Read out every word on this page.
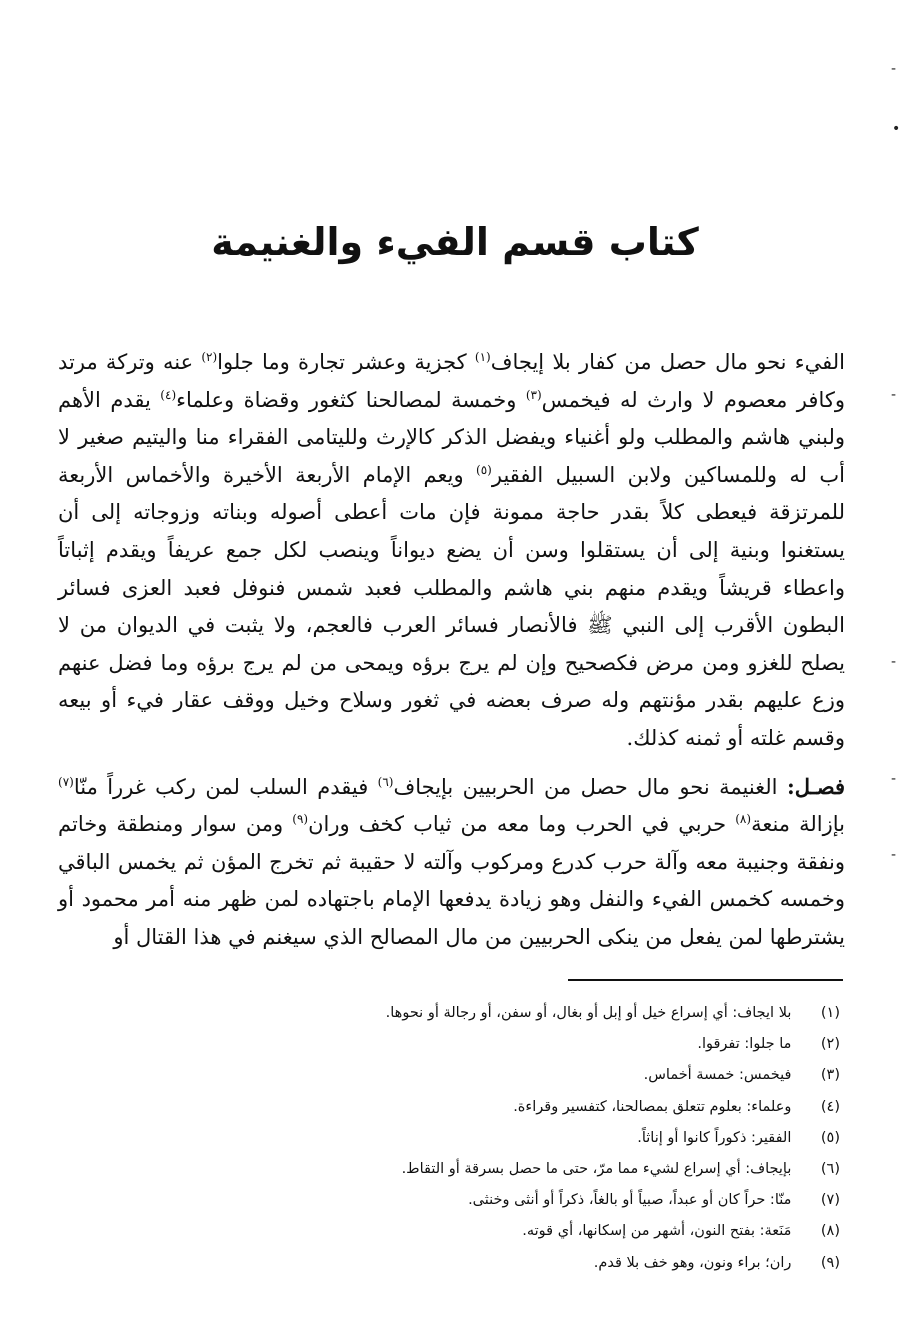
-
•
-
-
-
-
كتاب قسم الفيء والغنيمة

الفيء نحو مال حصل من كفار بلا إيجاف$^{(١)}$ كجزية وعشر تجارة وما جلوا$^{(٢)}$ عنه وتركة مرتد وكافر معصوم لا وارث له فيخمس$^{(٣)}$ وخمسة لمصالحنا كثغور وقضاة وعلماء$^{(٤)}$ يقدم الأهم ولبني هاشم والمطلب ولو أغنياء ويفضل الذكر كالإرث ولليتامى الفقراء منا واليتيم صغير لا أب له وللمساكين ولابن السبيل الفقير$^{(٥)}$ ويعم الإمام الأربعة الأخيرة والأخماس الأربعة للمرتزقة فيعطى كلاً بقدر حاجة ممونة فإن مات أعطى أصوله وبناته وزوجاته إلى أن يستغنوا وبنية إلى أن يستقلوا وسن أن يضع ديواناً وينصب لكل جمع عريفاً ويقدم إثباتاً واعطاء قريشاً ويقدم منهم بني هاشم والمطلب فعبد شمس فنوفل فعبد العزى فسائر البطون الأقرب إلى النبي ﷺ فالأنصار فسائر العرب فالعجم، ولا يثبت في الديوان من لا يصلح للغزو ومن مرض فكصحيح وإن لم يرج برؤه ويمحى من لم يرج برؤه وما فضل عنهم وزع عليهم بقدر مؤنتهم وله صرف بعضه في ثغور وسلاح وخيل ووقف عقار فيء أو بيعه وقسم غلته أو ثمنه كذلك.

فصـل: الغنيمة نحو مال حصل من الحربيين بإيجاف$^{(٦)}$ فيقدم السلب لمن ركب غرراً منّا$^{(٧)}$ بإزالة منعة$^{(٨)}$ حربي في الحرب وما معه من ثياب كخف وران$^{(٩)}$ ومن سوار ومنطقة وخاتم ونفقة وجنيبة معه وآلة حرب كدرع ومركوب وآلته لا حقيبة ثم تخرج المؤن ثم يخمس الباقي وخمسه كخمس الفيء والنفل وهو زيادة يدفعها الإمام باجتهاده لمن ظهر منه أمر محمود أو يشترطها لمن يفعل من ينكى الحربيين من مال المصالح الذي سيغنم في هذا القتال أو

(١) بلا ايجاف: أي إسراع خيل أو إبل أو بغال، أو سفن، أو رجالة أو نحوها.
(٢) ما جلوا: تفرقوا.
(٣) فيخمس: خمسة أخماس.
(٤) وعلماء: بعلوم تتعلق بمصالحنا، كتفسير وقراءة.
(٥) الفقير: ذكوراً كانوا أو إناثاً.
(٦) بإيجاف: أي إسراع لشيء مما مرّ، حتى ما حصل بسرقة أو التقاط.
(٧) منّا: حراً كان أو عبداً، صبياً أو بالغاً، ذكراً أو أنثى وخنثى.
(٨) مَنَعة: بفتح النون، أشهر من إسكانها، أي قوته.
(٩) ران؛ براء ونون، وهو خف بلا قدم.
